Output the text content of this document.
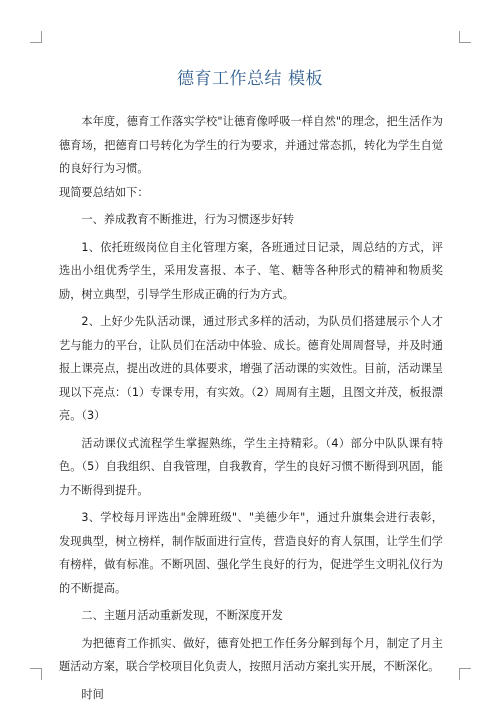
德育工作总结 模板

本年度，德育工作落实学校"让德育像呼吸一样自然"的理念，把生活作为德育场，把德育口号转化为学生的行为要求，并通过常态抓，转化为学生自觉的良好行为习惯。

现简要总结如下：

一、养成教育不断推进，行为习惯逐步好转

1、依托班级岗位自主化管理方案，各班通过日记录，周总结的方式，评选出小组优秀学生，采用发喜报、本子、笔、糖等各种形式的精神和物质奖励，树立典型，引导学生形成正确的行为方式。

2、上好少先队活动课，通过形式多样的活动，为队员们搭建展示个人才艺与能力的平台，让队员们在活动中体验、成长。德育处周周督导，并及时通报上课亮点，提出改进的具体要求，增强了活动课的实效性。目前，活动课呈现以下亮点：（1）专课专用，有实效。（2）周周有主题，且图文并茂，板报漂亮。（3）

活动课仪式流程学生掌握熟练，学生主持精彩。（4）部分中队队课有特色。（5）自我组织、自我管理，自我教育，学生的良好习惯不断得到巩固，能力不断得到提升。

3、学校每月评选出"金牌班级"、"美德少年"，通过升旗集会进行表彰，发现典型，树立榜样，制作版面进行宣传，营造良好的育人氛围，让学生们学有榜样，做有标准。不断巩固、强化学生良好的行为，促进学生文明礼仪行为的不断提高。

二、主题月活动重新发现，不断深度开发

为把德育工作抓实、做好，德育处把工作任务分解到每个月，制定了月主题活动方案，联合学校项目化负责人，按照月活动方案扎实开展，不断深化。

时间
